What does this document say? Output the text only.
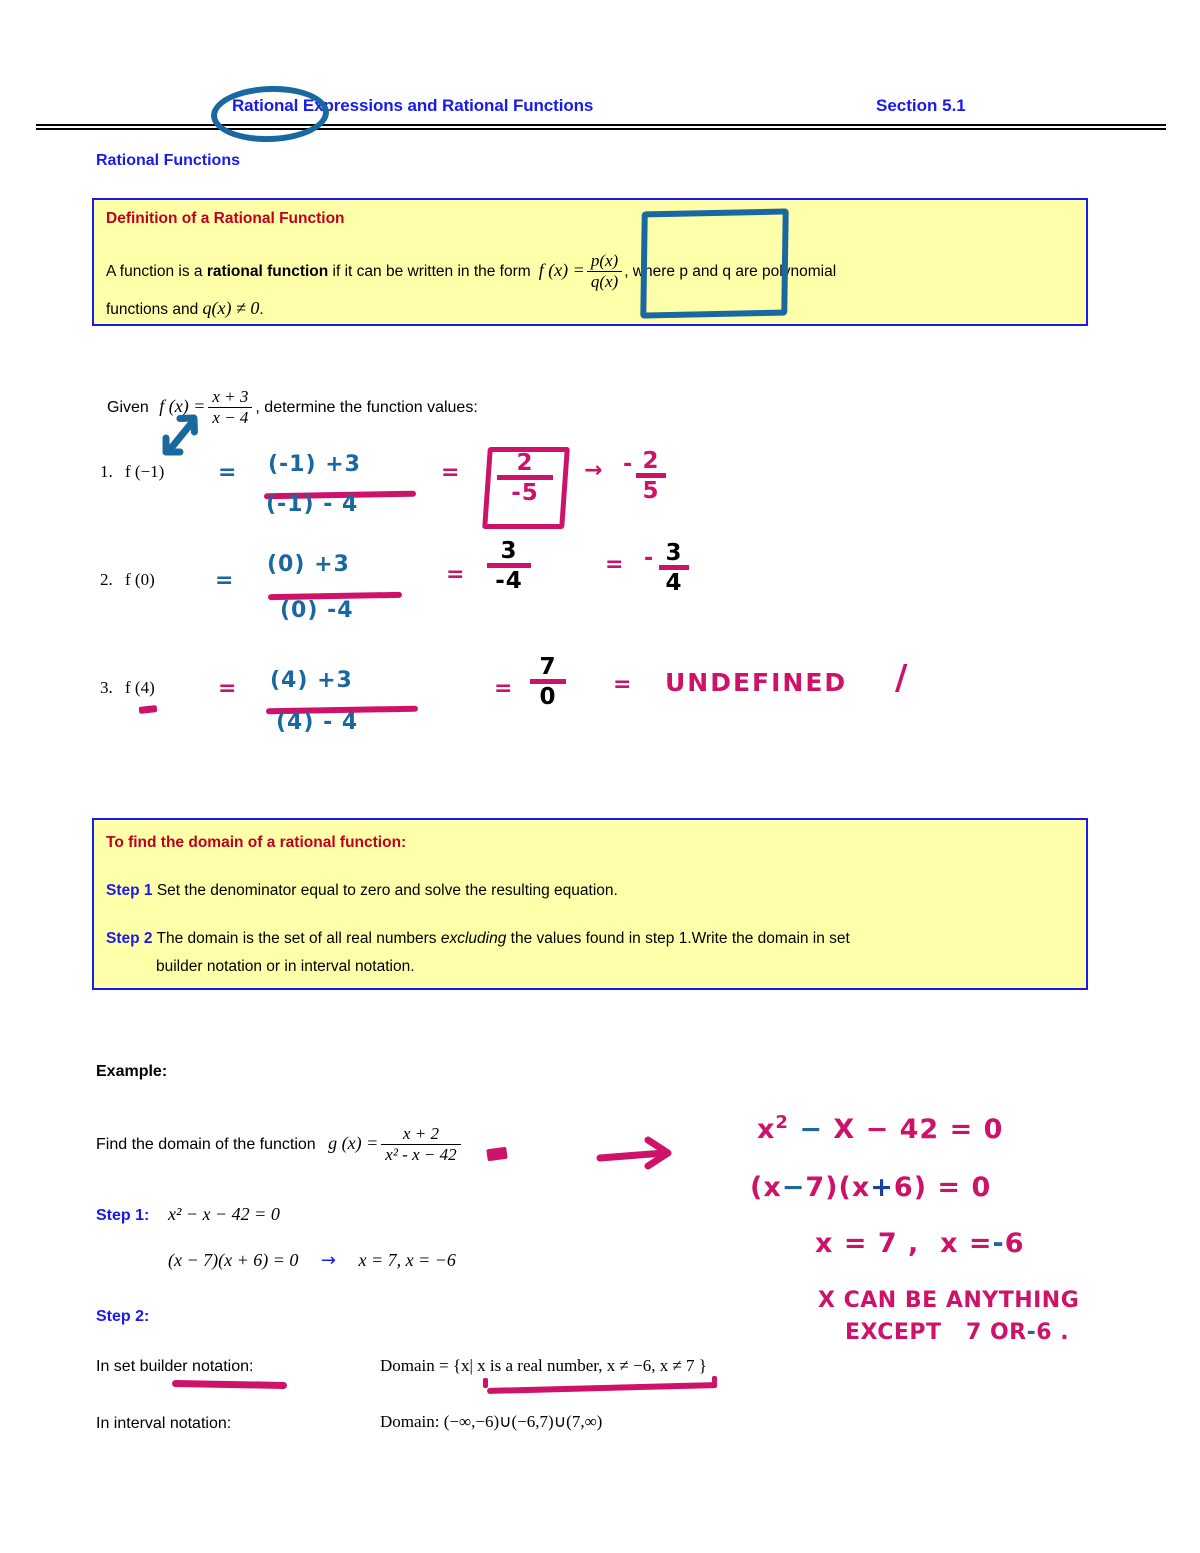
Rational Expressions and Rational Functions	Section 5.1
Rational Functions
Definition of a Rational Function
A function is a rational function if it can be written in the form f $(x) = \frac{p(x)}{q(x)}$ , where p and q are polynomial
functions and q(x) ≠ 0.
Given f $(x) = \frac{x + 3}{x - 4}$ , determine the function values:
1. f (−1) = (-1) +3
(-1) - 4
= $\frac{2}{-5}$ → - $\frac{2}{5}$
2. f (0)	=
(0) +3
(0) -4
= $\frac{3}{-4}$	= - $\frac{3}{4}$
3. f (4)	= (4) +3
(4) - 4
= $\frac{7}{0}$ = UNDEFINED /
To find the domain of a rational function:
Step 1 Set the denominator equal to zero and solve the resulting equation.
Step 2 The domain is the set of all real numbers excluding the values found in step 1.Write the domain in set
builder notation or in interval notation.
Example:
Find the domain of the function g $(x) = \frac{x + 2}{\text{x² - x − 42}}$	$x^2 - X - 42 = 0$
(x−7)(x+6) = 0
x = 7 ,  x =-6
X CAN BE ANYTHING
EXCEPT   7 OR-6 .
Step 1: x² − x − 42 = 0
(x − 7)(x + 6) = 0 → x = 7, x = −6
Step 2:
In set builder notation:	Domain = {x| x is a real number, x ≠ −6, x ≠ 7 }
In interval notation:	Domain: (−∞,−6)∪(−6,7)∪(7,∞)
